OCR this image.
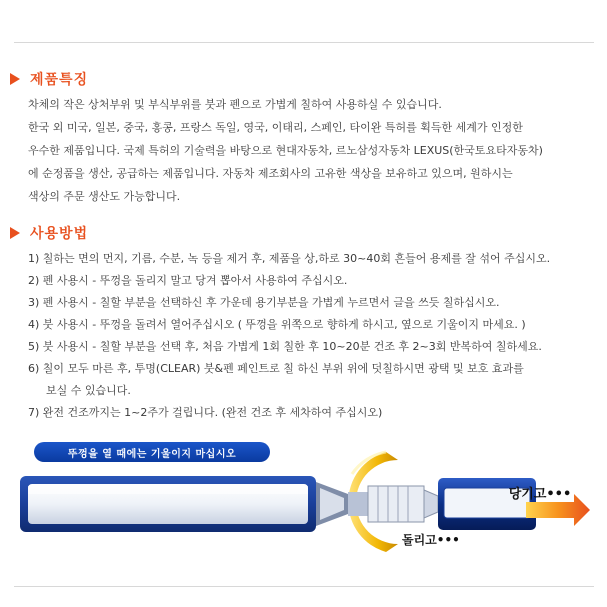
제품특징
차체의 작은 상처부위 및 부식부위를 붓과 펜으로 가볍게 칠하여 사용하실 수 있습니다.
한국 외 미국, 일본, 중국, 홍콩, 프랑스 독일, 영국, 이태리, 스페인, 타이완 특허를 획득한 세계가 인정한
우수한 제품입니다. 국제 특허의 기술력을 바탕으로 현대자동차, 르노삼성자동차 LEXUS(한국토요타자동차)
에 순정품을 생산, 공급하는 제품입니다. 자동차 제조회사의 고유한 색상을 보유하고 있으며, 원하시는
색상의 주문 생산도 가능합니다.
사용방법
1) 칠하는 면의 먼지, 기름, 수분, 녹 등을 제거 후, 제품을 상,하로 30~40회 흔들어 용제를 잘 섞어 주십시오.
2) 펜 사용시 - 뚜껑을 돌리지 말고 당겨 뽑아서 사용하여 주십시오.
3) 펜 사용시 - 칠할 부분을 선택하신 후 가운데 용기부분을 가볍게 누르면서 글을 쓰듯 칠하십시오.
4) 붓 사용시 - 뚜껑을 돌려서 열어주십시오 ( 뚜껑을 위쪽으로 향하게 하시고, 옆으로 기울이지 마세요. )
5) 붓 사용시 - 칠할 부분을 선택 후, 처음 가볍게 1회 칠한 후 10~20분 건조 후 2~3회 반복하여 칠하세요.
6) 칠이 모두 마른 후, 투명(CLEAR) 붓&펜 페인트로 칠 하신 부위 위에 덧칠하시면 광택 및 보호 효과를
보실 수 있습니다.
7) 완전 건조까지는 1~2주가 걸립니다. (완전 건조 후 세차하여 주십시오)
당기고•••
돌리고•••
뚜껑을 열 때에는 기울이지 마십시오
